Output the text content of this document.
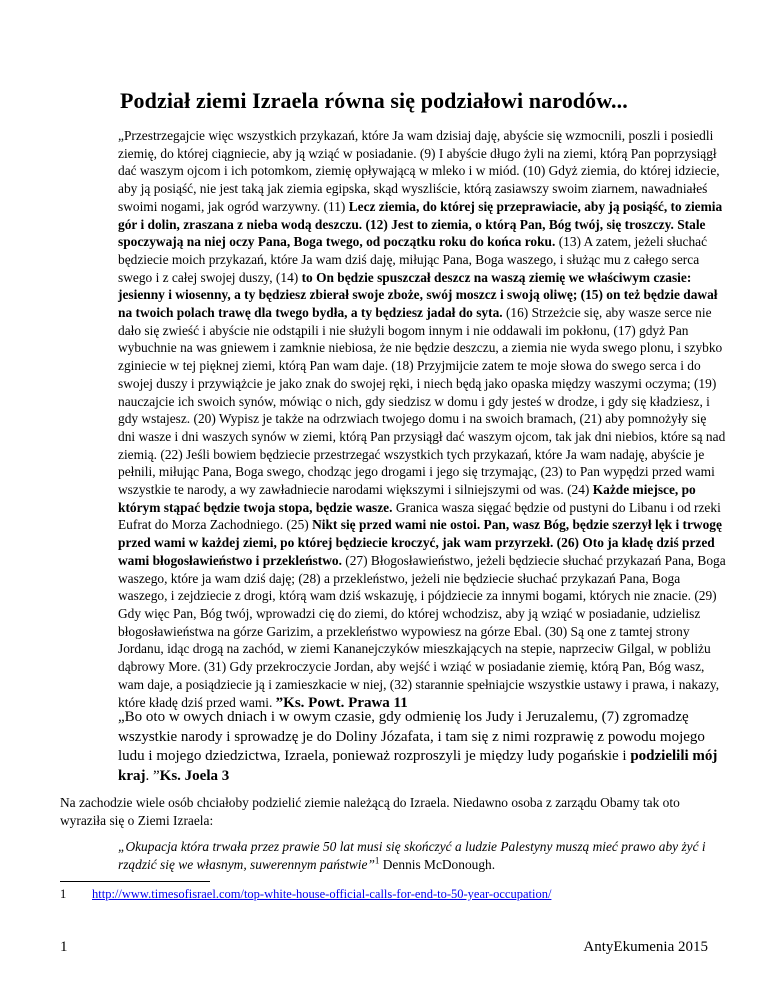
Podział ziemi Izraela równa się podziałowi narodów...

„Przestrzegajcie więc wszystkich przykazań, które Ja wam dzisiaj daję, abyście się wzmocnili, poszli i posiedli ziemię, do której ciągniecie, aby ją wziąć w posiadanie. (9) I abyście długo żyli na ziemi, którą Pan poprzysiągł dać waszym ojcom i ich potomkom, ziemię opływającą w mleko i w miód. (10) Gdyż ziemia, do której idziecie, aby ją posiąść, nie jest taką jak ziemia egipska, skąd wyszliście, którą zasiawszy swoim ziarnem, nawadniałeś swoimi nogami, jak ogród warzywny. (11) Lecz ziemia, do której się przeprawiacie, aby ją posiąść, to ziemia gór i dolin, zraszana z nieba wodą deszczu. (12) Jest to ziemia, o którą Pan, Bóg twój, się troszczy. Stale spoczywają na niej oczy Pana, Boga twego, od początku roku do końca roku. (13) A zatem, jeżeli słuchać będziecie moich przykazań, które Ja wam dziś daję, miłując Pana, Boga waszego, i służąc mu z całego serca swego i z całej swojej duszy, (14) to On będzie spuszczał deszcz na waszą ziemię we właściwym czasie: jesienny i wiosenny, a ty będziesz zbierał swoje zboże, swój moszcz i swoją oliwę; (15) on też będzie dawał na twoich polach trawę dla twego bydła, a ty będziesz jadał do syta. (16) Strzeżcie się, aby wasze serce nie dało się zwieść i abyście nie odstąpili i nie służyli bogom innym i nie oddawali im pokłonu, (17) gdyż Pan wybuchnie na was gniewem i zamknie niebiosa, że nie będzie deszczu, a ziemia nie wyda swego plonu, i szybko zginiecie w tej pięknej ziemi, którą Pan wam daje. (18) Przyjmijcie zatem te moje słowa do swego serca i do swojej duszy i przywiążcie je jako znak do swojej ręki, i niech będą jako opaska między waszymi oczyma; (19) nauczajcie ich swoich synów, mówiąc o nich, gdy siedzisz w domu i gdy jesteś w drodze, i gdy się kładziesz, i gdy wstajesz. (20) Wypisz je także na odrzwiach twojego domu i na swoich bramach, (21) aby pomnożyły się dni wasze i dni waszych synów w ziemi, którą Pan przysiągł dać waszym ojcom, tak jak dni niebios, które są nad ziemią. (22) Jeśli bowiem będziecie przestrzegać wszystkich tych przykazań, które Ja wam nadaję, abyście je pełnili, miłując Pana, Boga swego, chodząc jego drogami i jego się trzymając, (23) to Pan wypędzi przed wami wszystkie te narody, a wy zawładniecie narodami większymi i silniejszymi od was. (24) Każde miejsce, po którym stąpać będzie twoja stopa, będzie wasze. Granica wasza sięgać będzie od pustyni do Libanu i od rzeki Eufrat do Morza Zachodniego. (25) Nikt się przed wami nie ostoi. Pan, wasz Bóg, będzie szerzył lęk i trwogę przed wami w każdej ziemi, po której będziecie kroczyć, jak wam przyrzekł. (26) Oto ja kładę dziś przed wami błogosławieństwo i przekleństwo. (27) Błogosławieństwo, jeżeli będziecie słuchać przykazań Pana, Boga waszego, które ja wam dziś daję; (28) a przekleństwo, jeżeli nie będziecie słuchać przykazań Pana, Boga waszego, i zejdziecie z drogi, którą wam dziś wskazuję, i pójdziecie za innymi bogami, których nie znacie. (29) Gdy więc Pan, Bóg twój, wprowadzi cię do ziemi, do której wchodzisz, aby ją wziąć w posiadanie, udzielisz błogosławieństwa na górze Garizim, a przekleństwo wypowiesz na górze Ebal. (30) Są one z tamtej strony Jordanu, idąc drogą na zachód, w ziemi Kananejczyków mieszkających na stepie, naprzeciw Gilgal, w pobliżu dąbrowy More. (31) Gdy przekroczycie Jordan, aby wejść i wziąć w posiadanie ziemię, którą Pan, Bóg wasz, wam daje, a posiądziecie ją i zamieszkacie w niej, (32) starannie spełniajcie wszystkie ustawy i prawa, i nakazy, które kładę dziś przed wami. ”Ks. Powt. Prawa 11

„Bo oto w owych dniach i w owym czasie, gdy odmienię los Judy i Jeruzalemu, (7) zgromadzę wszystkie narody i sprowadzę je do Doliny Józafata, i tam się z nimi rozprawię z powodu mojego ludu i mojego dziedzictwa, Izraela, ponieważ rozproszyli je między ludy pogańskie i podzielili mój kraj. ”Ks. Joela 3

Na zachodzie wiele osób chciałoby podzielić ziemie należącą do Izraela. Niedawno osoba z zarządu Obamy tak oto wyraziła się o Ziemi Izraela:

„Okupacja która trwała przez prawie 50 lat musi się skończyć a ludzie Palestyny muszą mieć prawo aby żyć i rządzić się we własnym, suwerennym państwie”$^1$ Dennis McDonough.

1 http://www.timesofisrael.com/top-white-house-official-calls-for-end-to-50-year-occupation/

1	AntyEkumenia 2015
